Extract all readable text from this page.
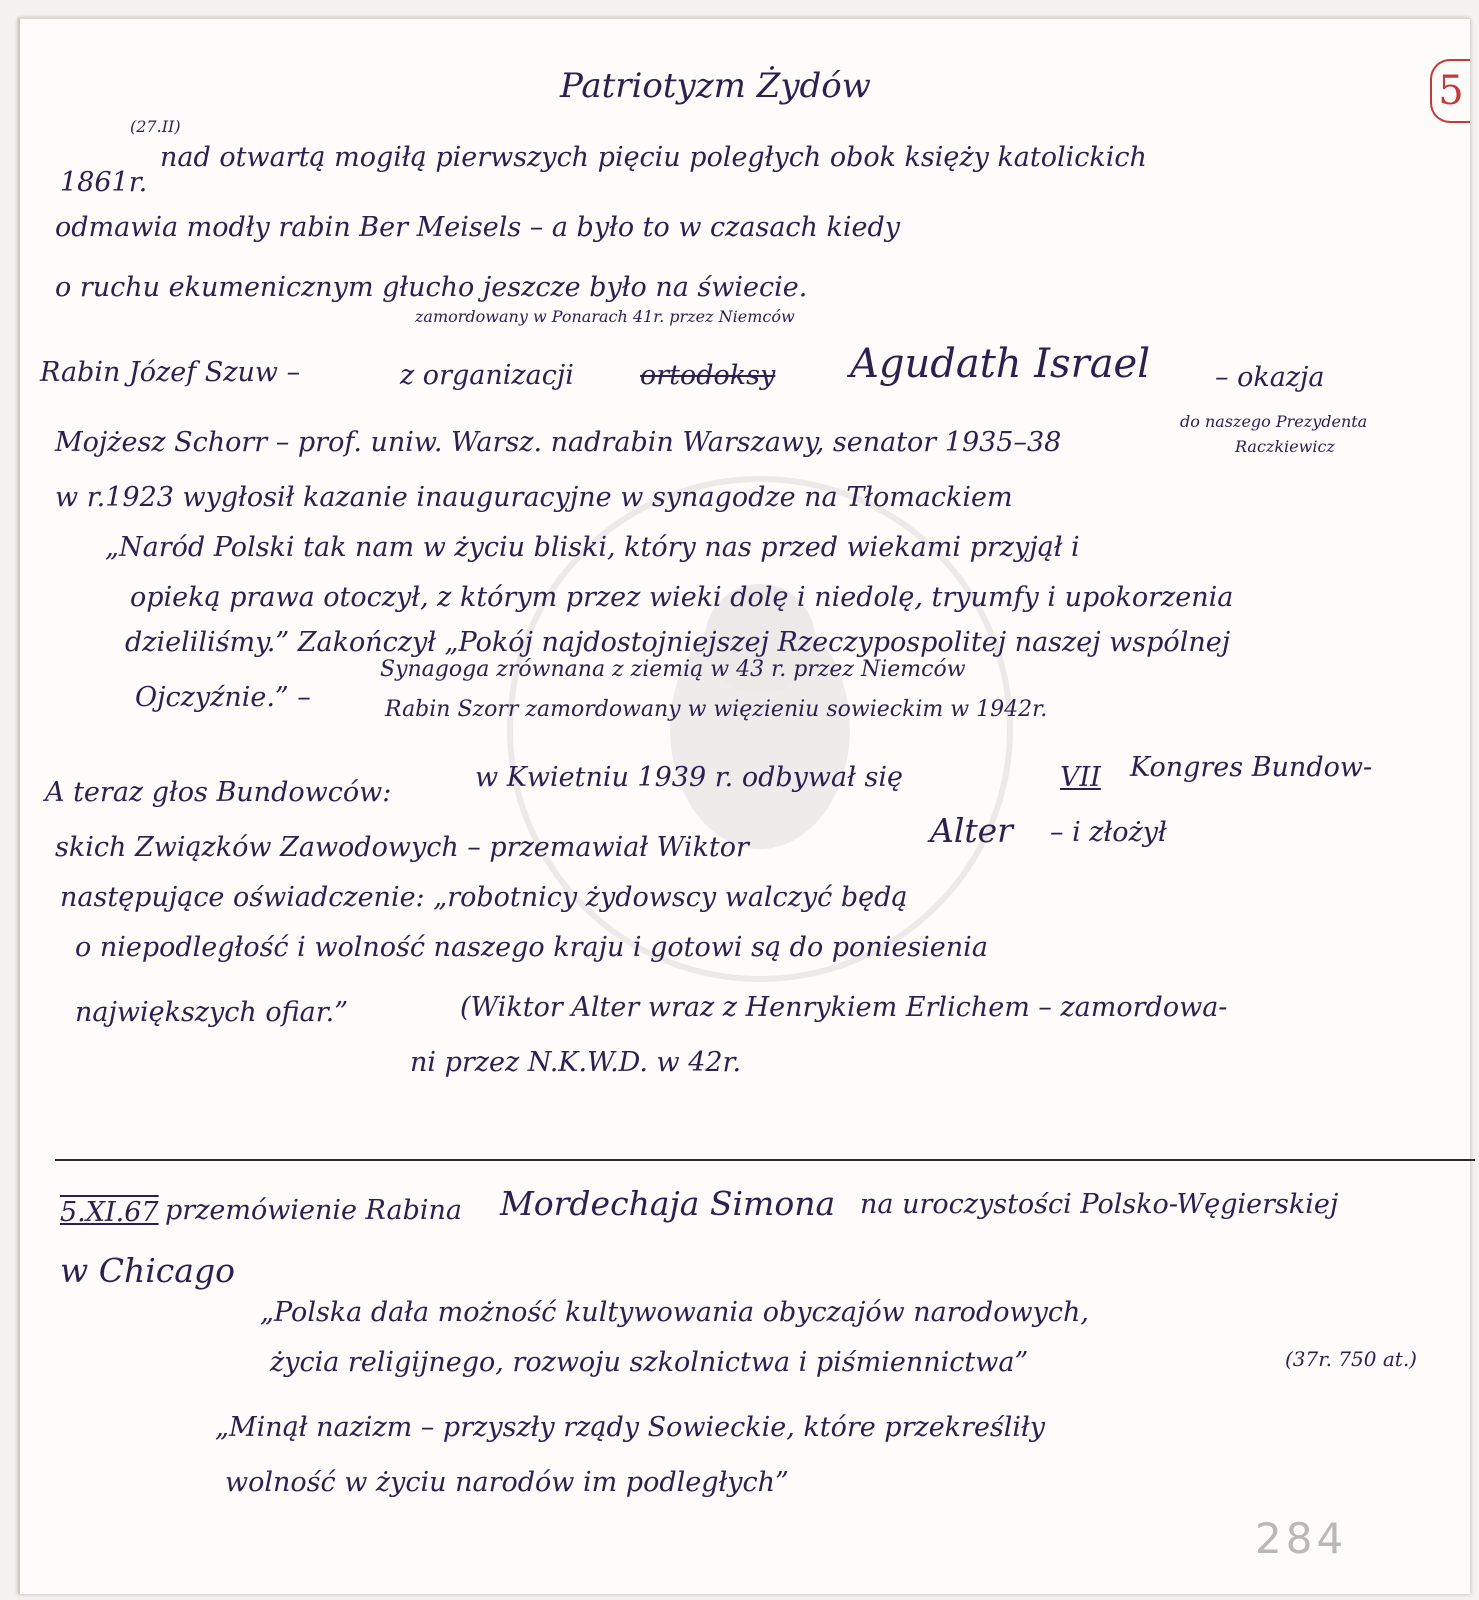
Patriotyzm Żydów	5
(27.II)
1861r.
nad otwartą mogiłą pierwszych pięciu poległych obok księży katolickich
odmawia modły rabin Ber Meisels – a było to w czasach kiedy
o ruchu ekumenicznym głucho jeszcze było na świecie.
zamordowany w Ponarach 41r. przez Niemców
Rabin Józef Szuw –	z organizacji ortodoksy Agudath Israel – okazja
do naszego Prezydenta
Raczkiewicz
Mojżesz Schorr – prof. uniw. Warsz. nadrabin Warszawy, senator 1935–38
w r.1923 wygłosił kazanie inauguracyjne w synagodze na Tłomackiem
„Naród Polski tak nam w życiu bliski, który nas przed wiekami przyjął i
opieką prawa otoczył, z którym przez wieki dolę i niedolę, tryumfy i upokorzenia
dzieliliśmy.” Zakończył „Pokój najdostojniejszej Rzeczypospolitej naszej wspólnej
Ojczyźnie.” –
Synagoga zrównana z ziemią w 43 r. przez Niemców
Rabin Szorr zamordowany w więzieniu sowieckim w 1942r.
A teraz głos Bundowców:	w Kwietniu 1939 r. odbywał się	VII Kongres Bundow-
skich Związków Zawodowych – przemawiał Wiktor	Alter – i złożył
następujące oświadczenie: „robotnicy żydowscy walczyć będą
o niepodległość i wolność naszego kraju i gotowi są do poniesienia
największych ofiar.”	(Wiktor Alter wraz z Henrykiem Erlichem – zamordowa-
ni przez N.K.W.D. w 42r.
5.XI.67 przemówienie Rabina Mordechaja Simona na uroczystości Polsko-Węgierskiej
w Chicago
„Polska dała możność kultywowania obyczajów narodowych,
życia religijnego, rozwoju szkolnictwa i piśmiennictwa”	(37r. 750 at.)
„Minął nazizm – przyszły rządy Sowieckie, które przekreśliły
wolność w życiu narodów im podległych”
284
